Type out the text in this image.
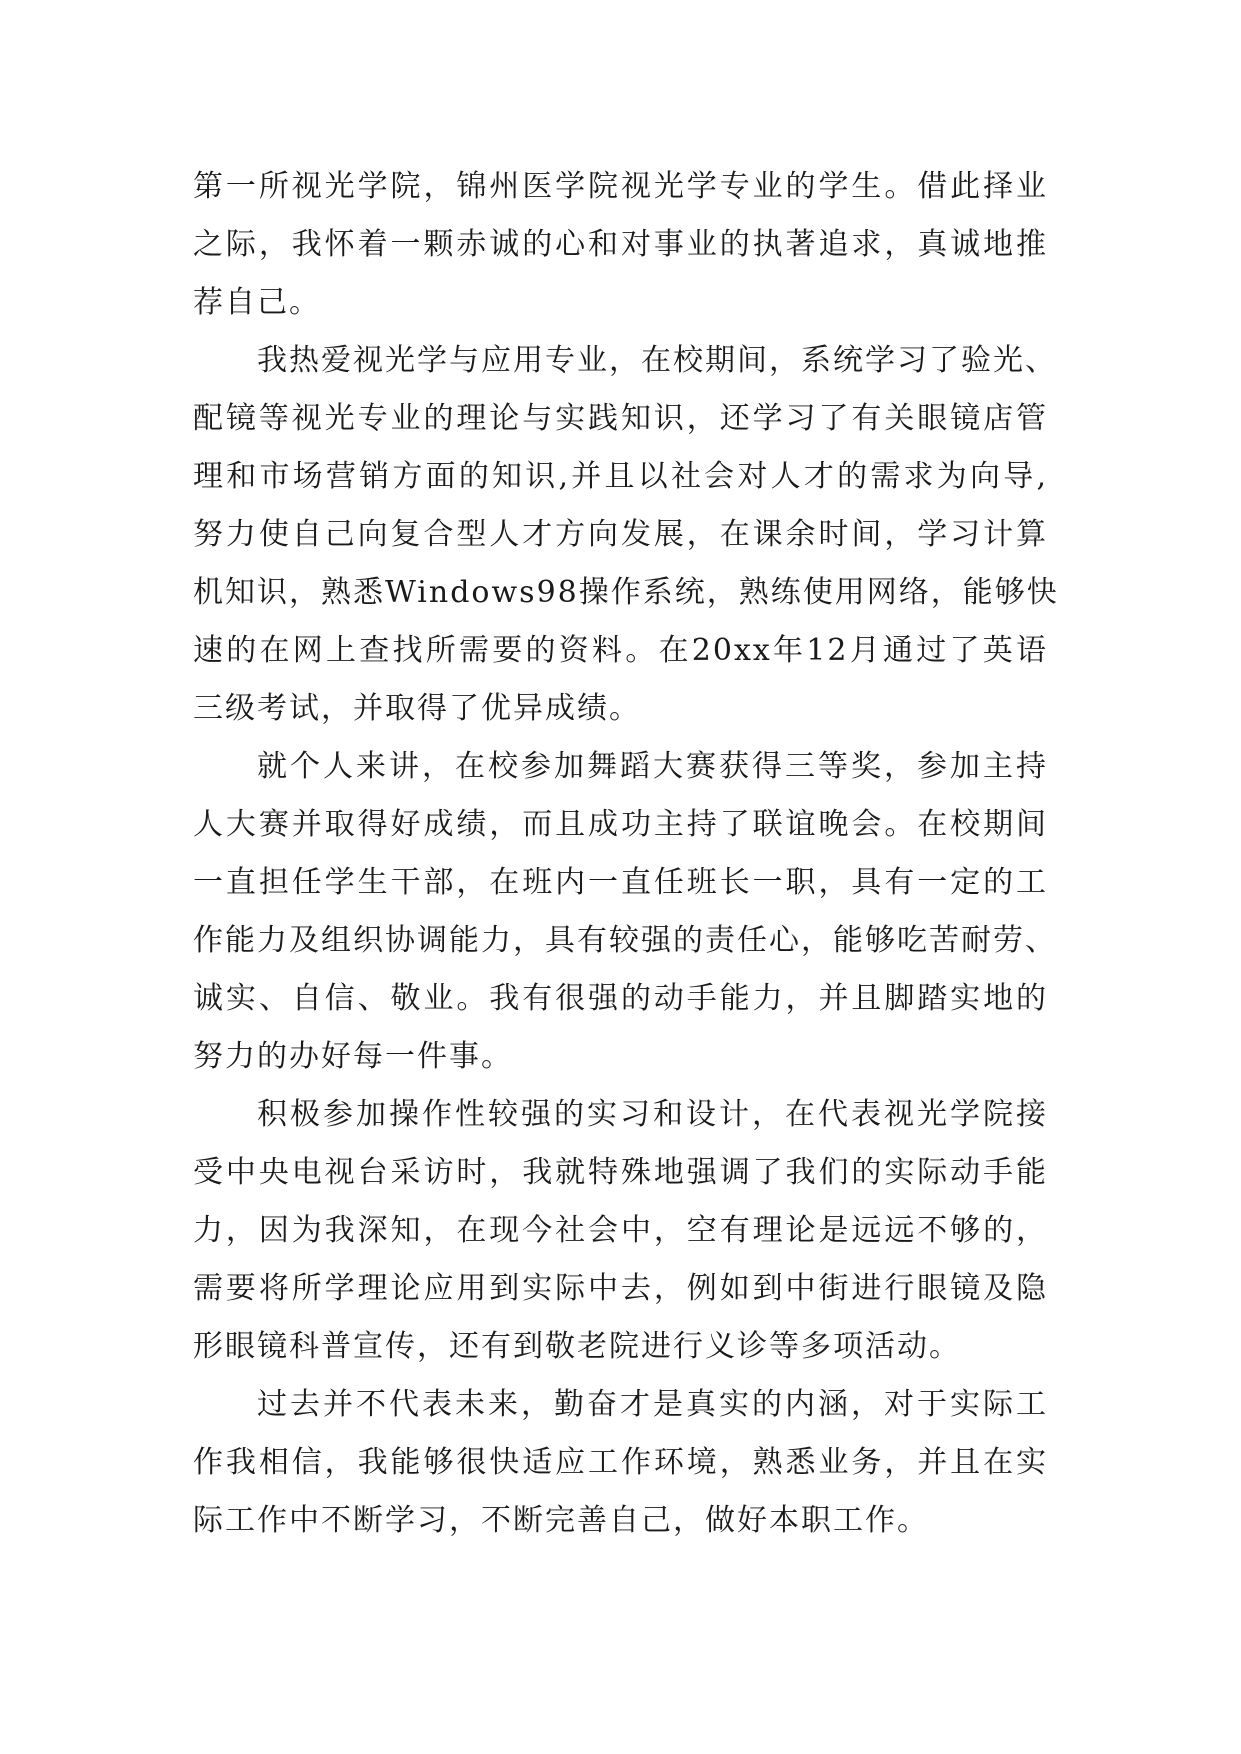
第一所视光学院，锦州医学院视光学专业的学生。借此择业
之际，我怀着一颗赤诚的心和对事业的执著追求，真诚地推
荐自己。
我热爱视光学与应用专业，在校期间，系统学习了验光、
配镜等视光专业的理论与实践知识，还学习了有关眼镜店管
理和市场营销方面的知识,并且以社会对人才的需求为向导,
努力使自己向复合型人才方向发展，在课余时间，学习计算
机知识，熟悉Windows98操作系统，熟练使用网络，能够快
速的在网上查找所需要的资料。在20xx年12月通过了英语
三级考试，并取得了优异成绩。
就个人来讲，在校参加舞蹈大赛获得三等奖，参加主持
人大赛并取得好成绩，而且成功主持了联谊晚会。在校期间
一直担任学生干部，在班内一直任班长一职，具有一定的工
作能力及组织协调能力，具有较强的责任心，能够吃苦耐劳、
诚实、自信、敬业。我有很强的动手能力，并且脚踏实地的
努力的办好每一件事。
积极参加操作性较强的实习和设计，在代表视光学院接
受中央电视台采访时，我就特殊地强调了我们的实际动手能
力，因为我深知，在现今社会中，空有理论是远远不够的，
需要将所学理论应用到实际中去，例如到中街进行眼镜及隐
形眼镜科普宣传，还有到敬老院进行义诊等多项活动。
过去并不代表未来，勤奋才是真实的内涵，对于实际工
作我相信，我能够很快适应工作环境，熟悉业务，并且在实
际工作中不断学习，不断完善自己，做好本职工作。
